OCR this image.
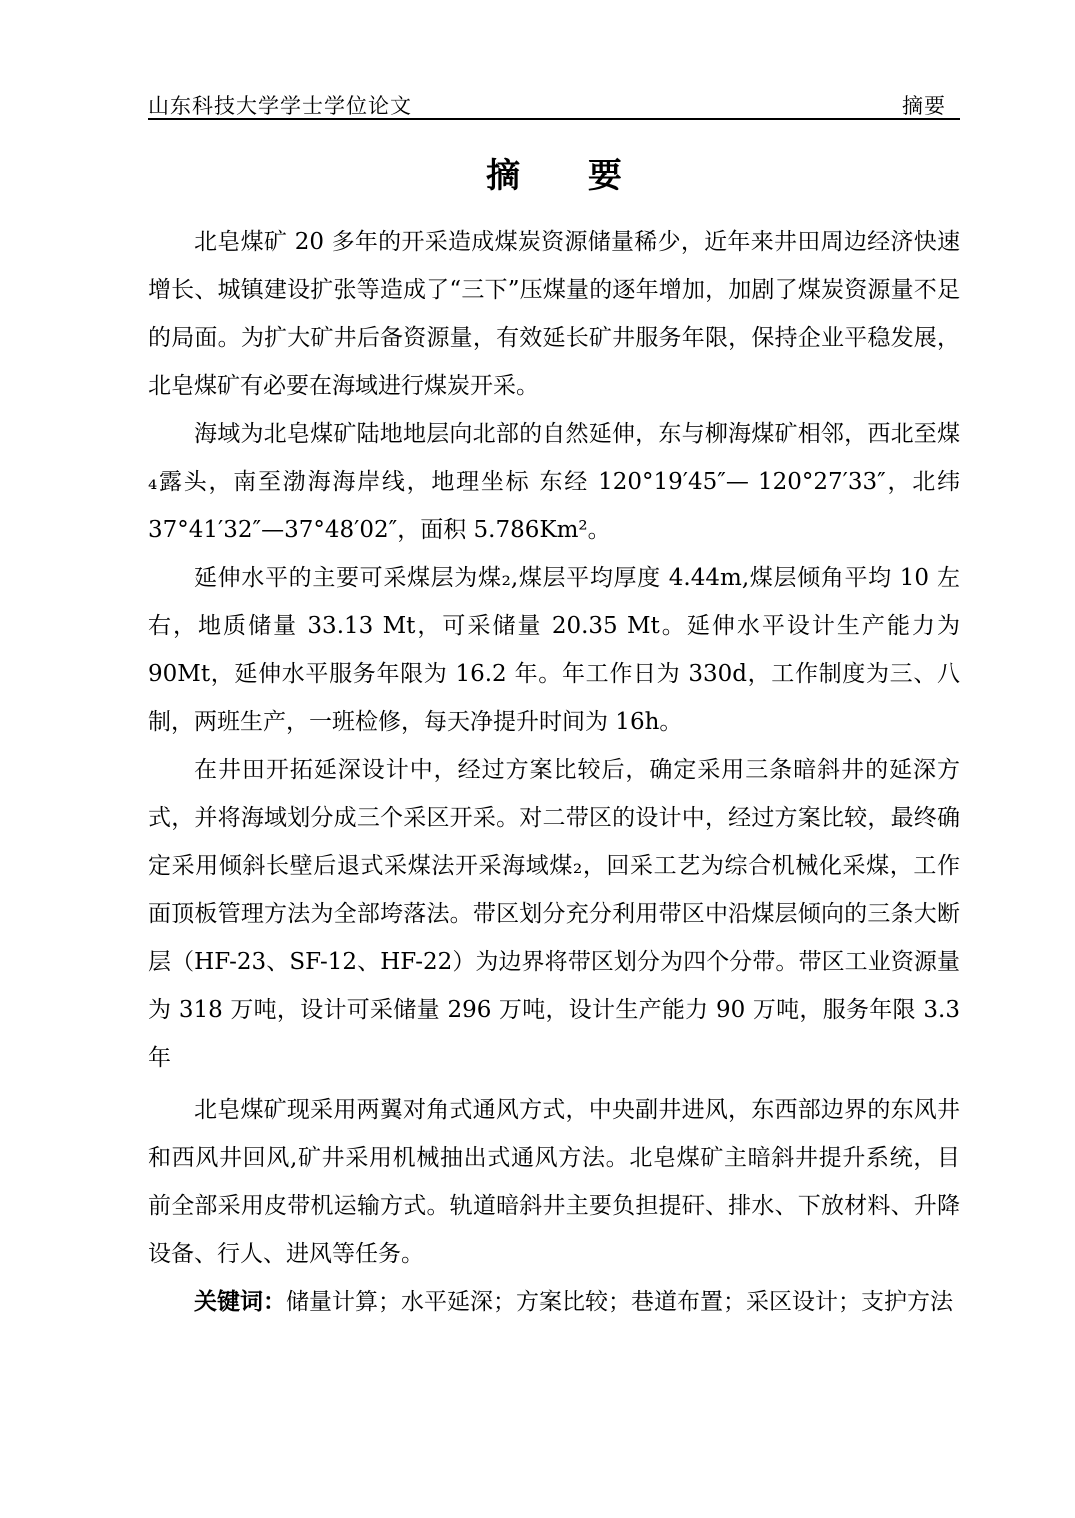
山东科技大学学士学位论文	摘要
摘 要

北皂煤矿 20 多年的开采造成煤炭资源储量稀少，近年来井田周边经济快速增长、城镇建设扩张等造成了“三下”压煤量的逐年增加，加剧了煤炭资源量不足的局面。为扩大矿井后备资源量，有效延长矿井服务年限，保持企业平稳发展，北皂煤矿有必要在海域进行煤炭开采。

海域为北皂煤矿陆地地层向北部的自然延伸，东与柳海煤矿相邻，西北至煤₄露头，南至渤海海岸线，地理坐标 东经 120°19′45″— 120°27′33″，北纬 37°41′32″—37°48′02″，面积 5.786Km²。

延伸水平的主要可采煤层为煤₂,煤层平均厚度 4.44m,煤层倾角平均 10 左右，地质储量 33.13 Mt，可采储量 20.35 Mt。延伸水平设计生产能力为 90Mt，延伸水平服务年限为 16.2 年。年工作日为 330d，工作制度为三、八制，两班生产，一班检修，每天净提升时间为 16h。

在井田开拓延深设计中，经过方案比较后，确定采用三条暗斜井的延深方式，并将海域划分成三个采区开采。对二带区的设计中，经过方案比较，最终确定采用倾斜长壁后退式采煤法开采海域煤₂，回采工艺为综合机械化采煤，工作面顶板管理方法为全部垮落法。带区划分充分利用带区中沿煤层倾向的三条大断层（HF-23、SF-12、HF-22）为边界将带区划分为四个分带。带区工业资源量为 318 万吨，设计可采储量 296 万吨，设计生产能力 90 万吨，服务年限 3.3 年

北皂煤矿现采用两翼对角式通风方式，中央副井进风，东西部边界的东风井和西风井回风,矿井采用机械抽出式通风方法。北皂煤矿主暗斜井提升系统，目前全部采用皮带机运输方式。轨道暗斜井主要负担提矸、排水、下放材料、升降设备、行人、进风等任务。

关键词：储量计算；水平延深；方案比较；巷道布置；采区设计；支护方法
